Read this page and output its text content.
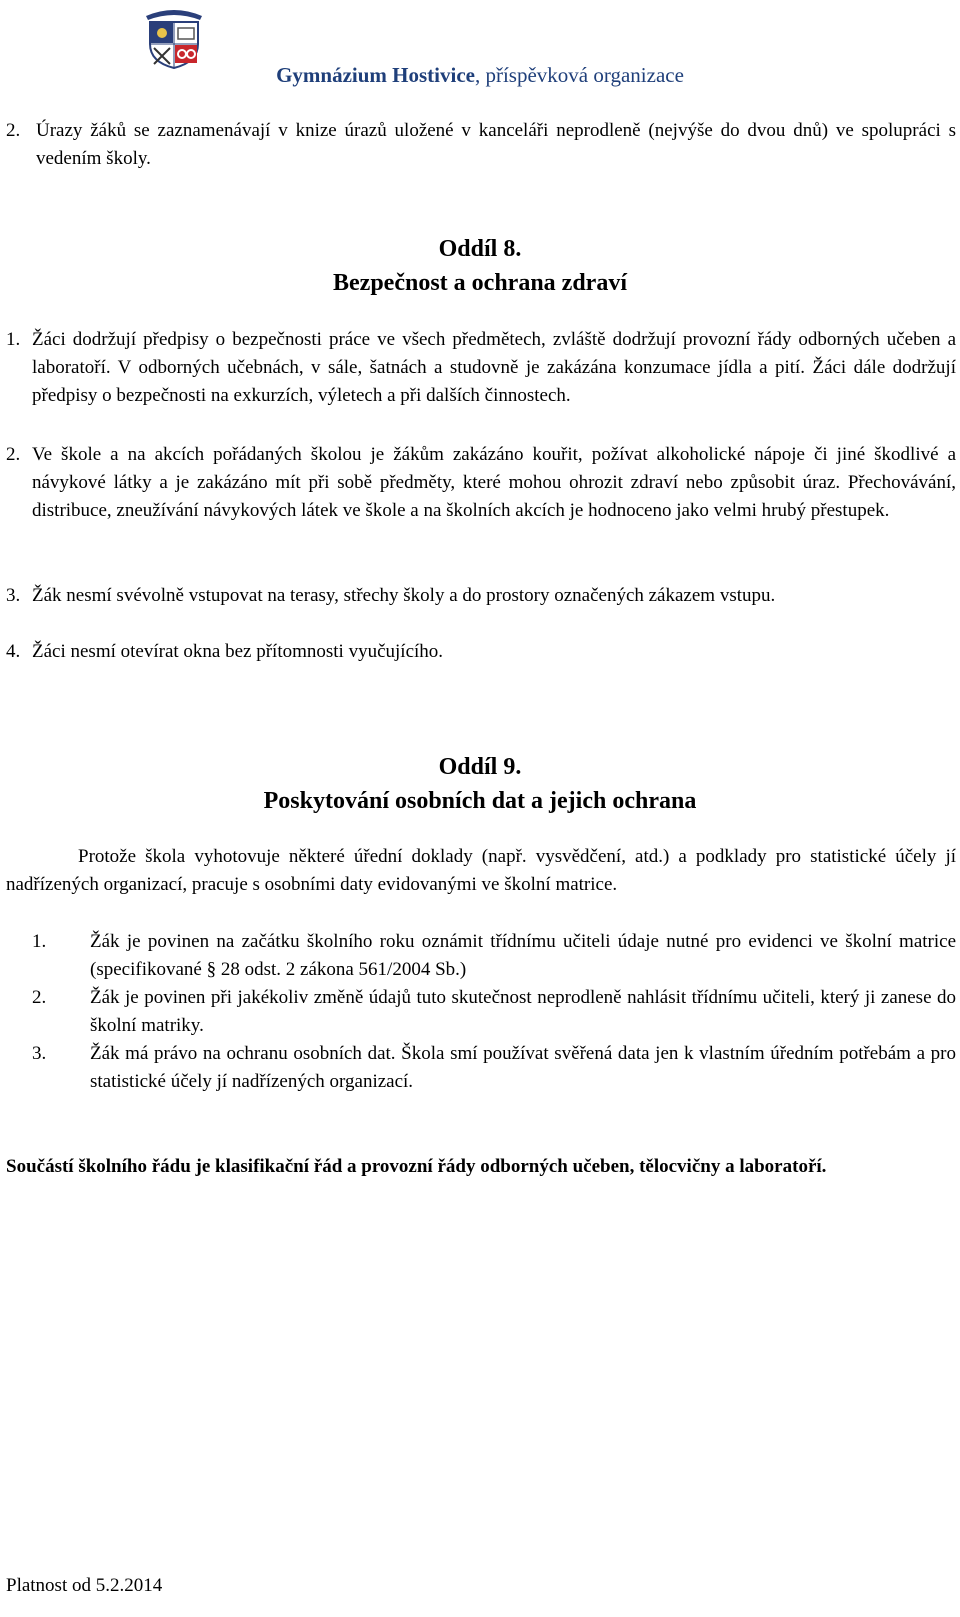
Gymnázium Hostivice, příspěvková organizace
2. Úrazy žáků se zaznamenávají v knize úrazů uložené v kanceláři neprodleně (nejvýše do dvou dnů) ve spolupráci s vedením školy.
Oddíl 8.
Bezpečnost a ochrana zdraví
1. Žáci dodržují předpisy o bezpečnosti práce ve všech předmětech, zvláště dodržují provozní řády odborných učeben a laboratoří. V odborných učebnách, v sále, šatnách a studovně je zakázána konzumace jídla a pití. Žáci dále dodržují předpisy o bezpečnosti na exkurzích, výletech a při dalších činnostech.
2. Ve škole a na akcích pořádaných školou je žákům zakázáno kouřit, požívat alkoholické nápoje či jiné škodlivé a návykové látky a je zakázáno mít při sobě předměty, které mohou ohrozit zdraví nebo způsobit úraz. Přechovávání, distribuce, zneužívání návykových látek ve škole a na školních akcích je hodnoceno jako velmi hrubý přestupek.
3. Žák nesmí svévolně vstupovat na terasy, střechy školy a do prostory označených zákazem vstupu.
4. Žáci nesmí otevírat okna bez přítomnosti vyučujícího.
Oddíl 9.
Poskytování osobních dat a jejich ochrana
Protože škola vyhotovuje některé úřední doklady (např. vysvědčení, atd.) a podklady pro statistické účely jí nadřízených organizací, pracuje s osobními daty evidovanými ve školní matrice.
1. Žák je povinen na začátku školního roku oznámit třídnímu učiteli údaje nutné pro evidenci ve školní matrice (specifikované § 28 odst. 2 zákona 561/2004 Sb.)
2. Žák je povinen při jakékoliv změně údajů tuto skutečnost neprodleně nahlásit třídnímu učiteli, který ji zanese do školní matriky.
3. Žák má právo na ochranu osobních dat. Škola smí používat svěřená data jen k vlastním úředním potřebám a pro statistické účely jí nadřízených organizací.
Součástí školního řádu je klasifikační řád a provozní řády odborných učeben, tělocvičny a laboratoří.
Platnost od 5.2.2014
